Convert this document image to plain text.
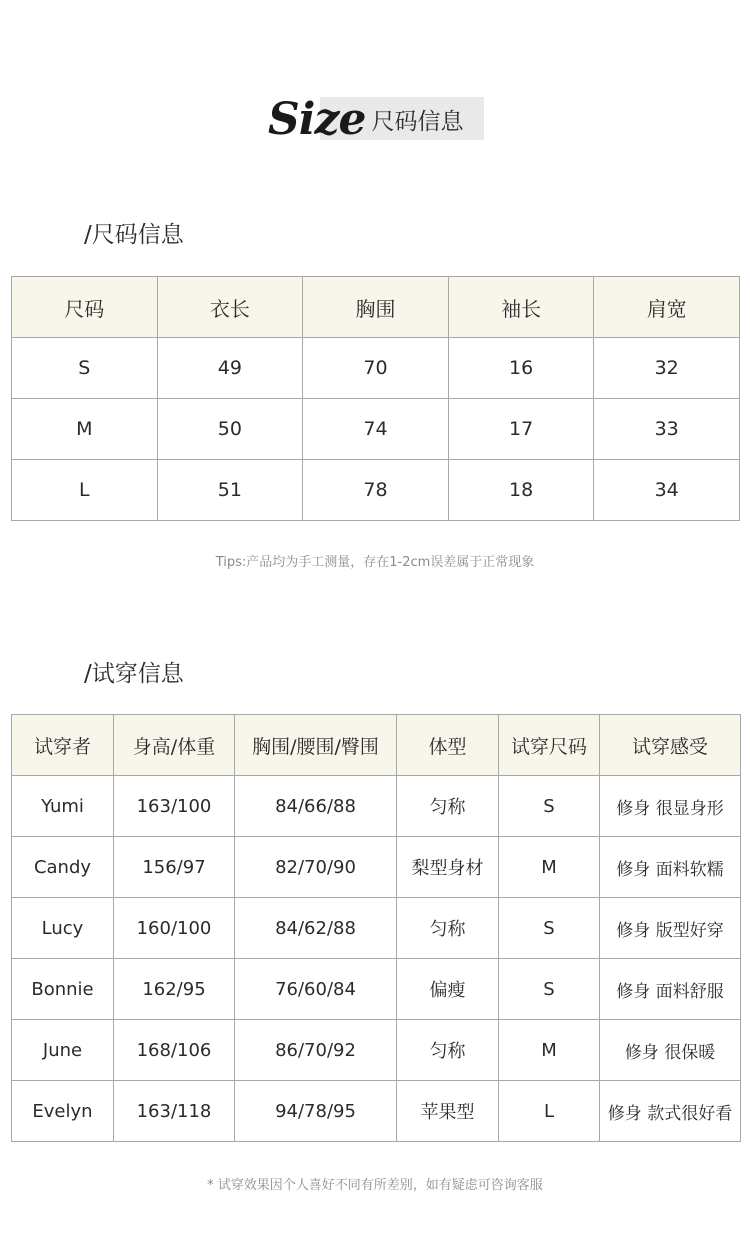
Size 尺码信息
/尺码信息
尺码	衣长	胸围	袖长	肩宽
S	49	70	16	32
M	50	74	17	33
L	51	78	18	34
Tips:产品均为手工测量，存在1-2cm误差属于正常现象
/试穿信息
试穿者	身高/体重	胸围/腰围/臀围	体型	试穿尺码	试穿感受
Yumi	163/100	84/66/88	匀称	S	修身 很显身形
Candy	156/97	82/70/90	梨型身材	M	修身 面料软糯
Lucy	160/100	84/62/88	匀称	S	修身 版型好穿
Bonnie	162/95	76/60/84	偏瘦	S	修身 面料舒服
June	168/106	86/70/92	匀称	M	修身 很保暖
Evelyn	163/118	94/78/95	苹果型	L	修身 款式很好看
* 试穿效果因个人喜好不同有所差别，如有疑虑可咨询客服
